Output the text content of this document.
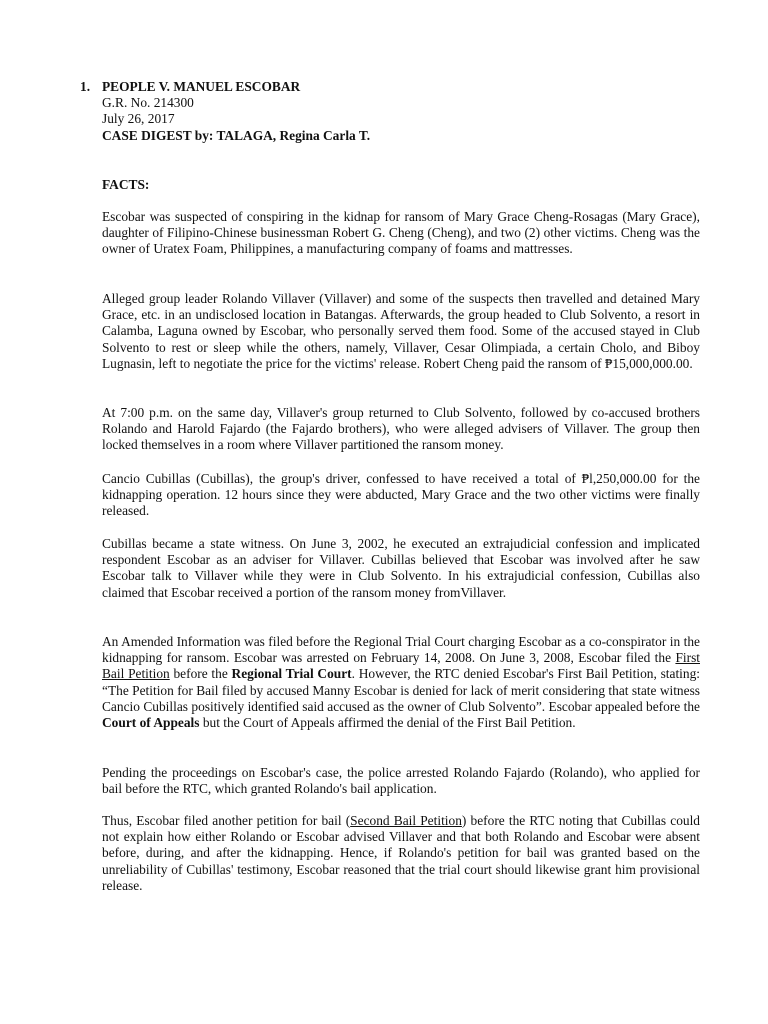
1. PEOPLE V. MANUEL ESCOBAR
G.R. No. 214300
July 26, 2017
CASE DIGEST by: TALAGA, Regina Carla T.
FACTS:

Escobar was suspected of conspiring in the kidnap for ransom of Mary Grace Cheng-Rosagas (Mary Grace), daughter of Filipino-Chinese businessman Robert G. Cheng (Cheng), and two (2) other victims. Cheng was the owner of Uratex Foam, Philippines, a manufacturing company of foams and mattresses.

Alleged group leader Rolando Villaver (Villaver) and some of the suspects then travelled and detained Mary Grace, etc. in an undisclosed location in Batangas. Afterwards, the group headed to Club Solvento, a resort in Calamba, Laguna owned by Escobar, who personally served them food. Some of the accused stayed in Club Solvento to rest or sleep while the others, namely, Villaver, Cesar Olimpiada, a certain Cholo, and Biboy Lugnasin, left to negotiate the price for the victims' release. Robert Cheng paid the ransom of ₱15,000,000.00.

At 7:00 p.m. on the same day, Villaver's group returned to Club Solvento, followed by co-accused brothers Rolando and Harold Fajardo (the Fajardo brothers), who were alleged advisers of Villaver. The group then locked themselves in a room where Villaver partitioned the ransom money.

Cancio Cubillas (Cubillas), the group's driver, confessed to have received a total of ₱l,250,000.00 for the kidnapping operation. 12 hours since they were abducted, Mary Grace and the two other victims were finally released.

Cubillas became a state witness. On June 3, 2002, he executed an extrajudicial confession and implicated respondent Escobar as an adviser for Villaver. Cubillas believed that Escobar was involved after he saw Escobar talk to Villaver while they were in Club Solvento. In his extrajudicial confession, Cubillas also claimed that Escobar received a portion of the ransom money fromVillaver.

An Amended Information was filed before the Regional Trial Court charging Escobar as a co-conspirator in the kidnapping for ransom. Escobar was arrested on February 14, 2008. On June 3, 2008, Escobar filed the First Bail Petition before the Regional Trial Court. However, the RTC denied Escobar's First Bail Petition, stating: “The Petition for Bail filed by accused Manny Escobar is denied for lack of merit considering that state witness Cancio Cubillas positively identified said accused as the owner of Club Solvento”. Escobar appealed before the Court of Appeals but the Court of Appeals affirmed the denial of the First Bail Petition.

Pending the proceedings on Escobar's case, the police arrested Rolando Fajardo (Rolando), who applied for bail before the RTC, which granted Rolando's bail application.

Thus, Escobar filed another petition for bail (Second Bail Petition) before the RTC noting that Cubillas could not explain how either Rolando or Escobar advised Villaver and that both Rolando and Escobar were absent before, during, and after the kidnapping. Hence, if Rolando's petition for bail was granted based on the unreliability of Cubillas' testimony, Escobar reasoned that the trial court should likewise grant him provisional release.
